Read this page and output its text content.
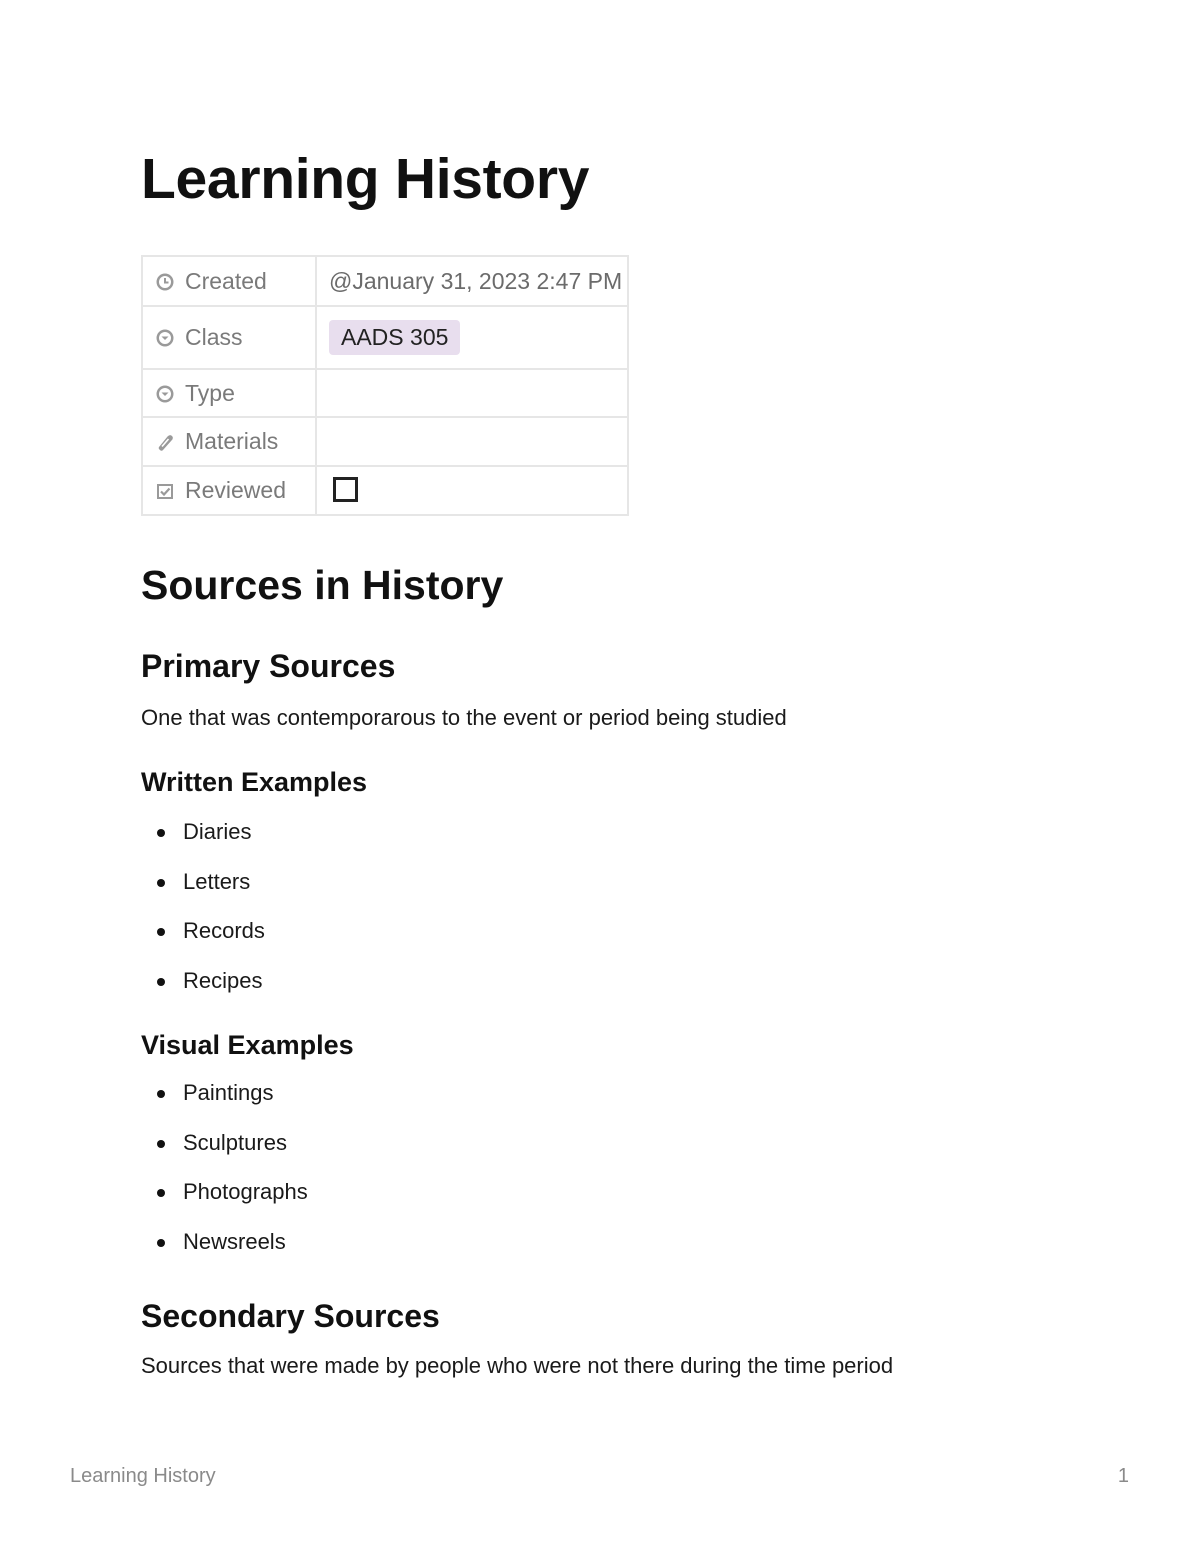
Learning History
Created	@January 31, 2023 2:47 PM
Class	AADS 305
Type	
Materials	
Reviewed	
Sources in History
Primary Sources

One that was contemporarous to the event or period being studied

Written Examples
Diaries
Letters
Records
Recipes
Visual Examples
Paintings
Sculptures
Photographs
Newsreels
Secondary Sources

Sources that were made by people who were not there during the time period

Learning History	1
